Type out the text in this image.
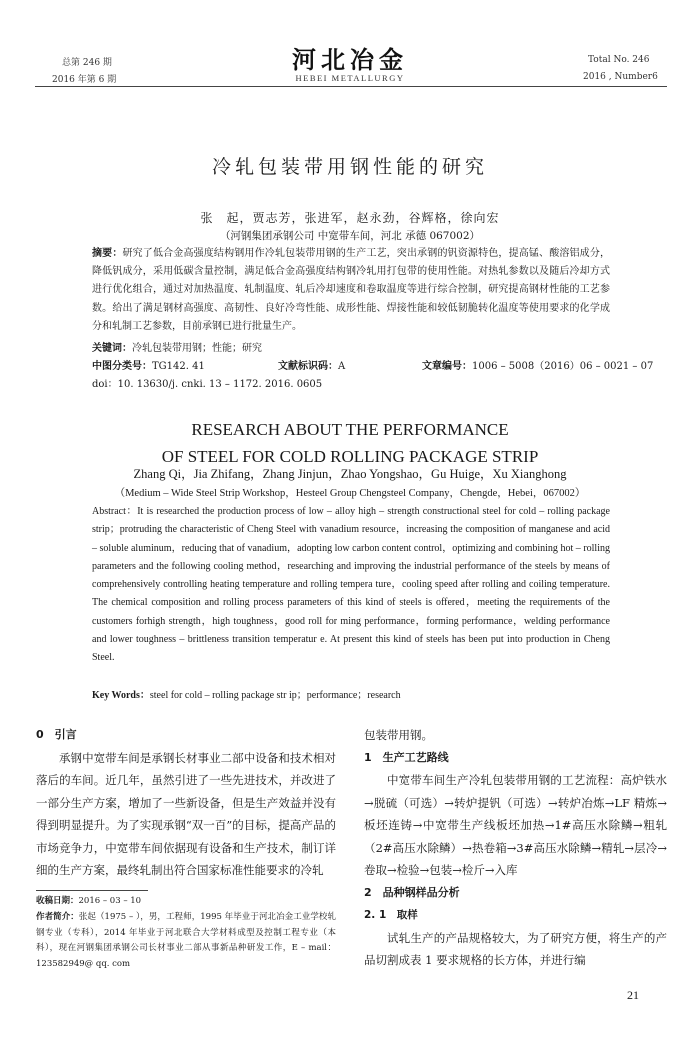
总第 246 期
2016 年第 6 期
河北冶金
HEBEI METALLURGY
Total No. 246
2016 , Number6
冷轧包装带用钢性能的研究
张　起，贾志芳，张进军，赵永劲，谷辉格，徐向宏
（河钢集团承钢公司 中宽带车间，河北 承德 067002）
摘要：研究了低合金高强度结构钢用作冷轧包装带用钢的生产工艺，突出承钢的钒资源特色，提高锰、酸溶铝成分，降低钒成分，采用低碳含量控制，满足低合金高强度结构钢冷轧用打包带的使用性能。对热轧参数以及随后冷却方式进行优化组合，通过对加热温度、轧制温度、轧后冷却速度和卷取温度等进行综合控制，研究提高钢材性能的工艺参数。给出了满足钢材高强度、高韧性、良好冷弯性能、成形性能、焊接性能和较低韧脆转化温度等使用要求的化学成分和轧制工艺参数，目前承钢已进行批量生产。
关键词：冷轧包装带用钢；性能；研究
中图分类号：TG142. 41	文献标识码：A	文章编号：1006 – 5008（2016）06 – 0021 – 07
doi：10. 13630/j. cnki. 13 – 1172. 2016. 0605
RESEARCH ABOUT THE PERFORMANCE
OF STEEL FOR COLD ROLLING PACKAGE STRIP
Zhang Qi，Jia Zhifang，Zhang Jinjun，Zhao Yongshao，Gu Huige，Xu Xianghong
（Medium – Wide Steel Strip Workshop，Hesteel Group Chengsteel Company，Chengde，Hebei，067002）
Abstract：It is researched the production process of low – alloy high – strength constructional steel for cold – rolling package strip；protruding the characteristic of Cheng Steel with vanadium resource，increasing the composition of manganese and acid – soluble aluminum，reducing that of vanadium，adopting low carbon content control，optimizing and combining hot – rolling parameters and the following cooling method，researching and improving the industrial performance of the steels by means of comprehensively controlling heating temperature and rolling tempera ture，cooling speed after rolling and coiling temperature. The chemical composition and rolling process parameters of this kind of steels is offered，meeting the requirements of the customers forhigh strength，high toughness，good roll for ming performance，forming performance，welding performance and lower toughness – brittleness transition temperatur e. At present this kind of steels has been put into production in Cheng Steel.
Key Words：steel for cold – rolling package str ip；performance；research
0　引言

承钢中宽带车间是承钢长材事业二部中设备和技术相对落后的车间。近几年，虽然引进了一些先进技术，并改进了一部分生产方案，增加了一些新设备，但是生产效益并没有得到明显提升。为了实现承钢“双一百”的目标，提高产品的市场竞争力，中宽带车间依据现有设备和生产技术，制订详细的生产方案，最终轧制出符合国家标准性能要求的冷轧

收稿日期：2016 – 03 – 10
作者简介：张起（1975 – ），男，工程师，1995 年毕业于河北冶金工业学校轧钢专业（专科），2014 年毕业于河北联合大学材料成型及控制工程专业（本科），现在河钢集团承钢公司长材事业二部从事新品种研发工作，E – mail：123582949@ qq. com
包装带用钢。
1　生产工艺路线

中宽带车间生产冷轧包装带用钢的工艺流程：高炉铁水→脱硫（可选）→转炉提钒（可选）→转炉冶炼→LF 精炼→板坯连铸→中宽带生产线板坯加热→1#高压水除鳞→粗轧（2#高压水除鳞）→热卷箱→3#高压水除鳞→精轧→层冷→卷取→检验→包装→检斤→入库

2　品种钢样品分析
2. 1　取样

试轧生产的产品规格较大，为了研究方便，将生产的产品切割成表 1 要求规格的长方体，并进行编

21
